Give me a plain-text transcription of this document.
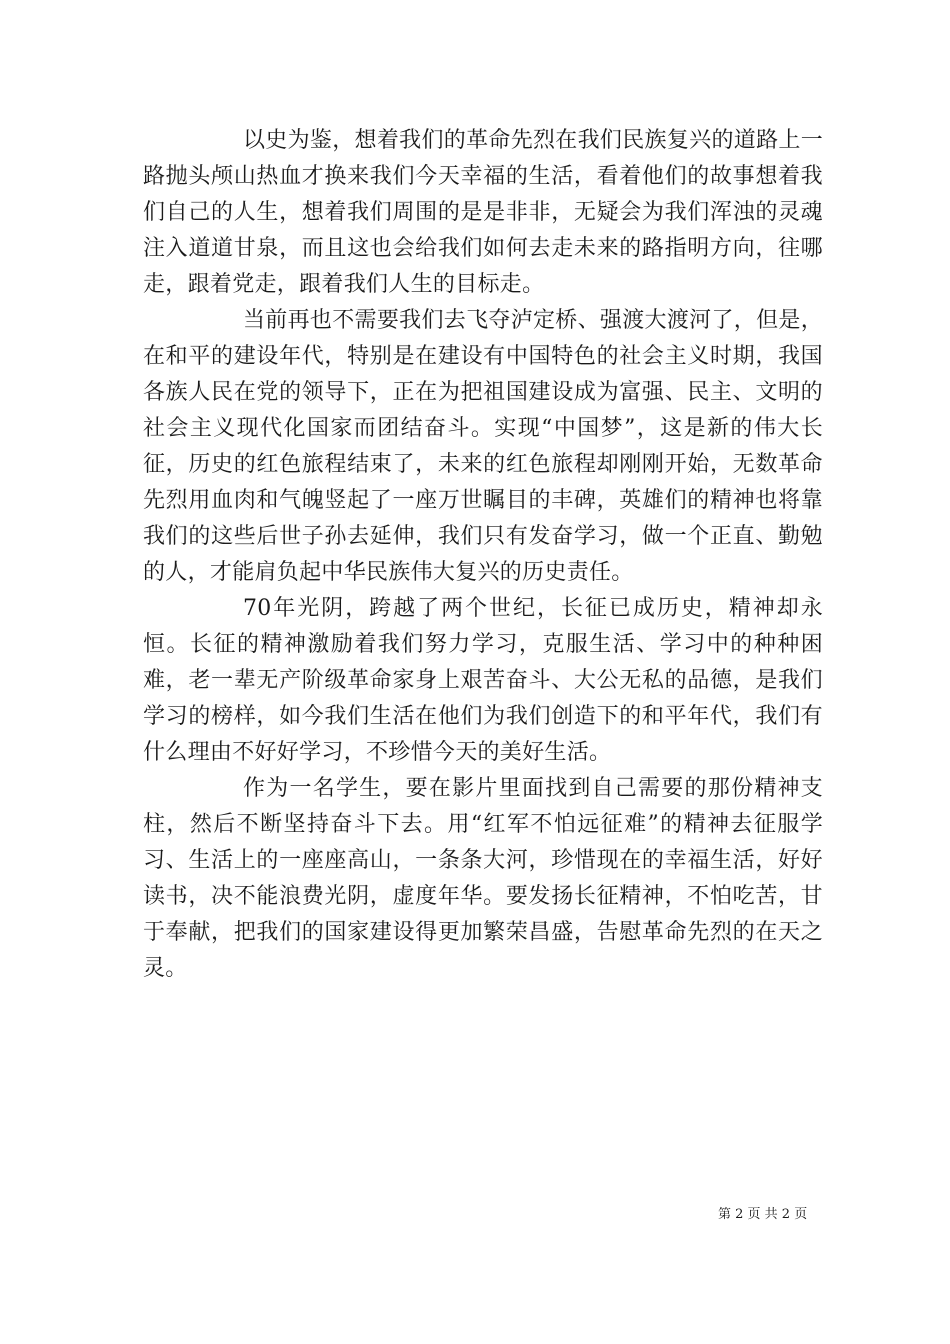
以史为鉴，想着我们的革命先烈在我们民族复兴的道路上一路抛头颅山热血才换来我们今天幸福的生活，看着他们的故事想着我们自己的人生，想着我们周围的是是非非，无疑会为我们浑浊的灵魂注入道道甘泉，而且这也会给我们如何去走未来的路指明方向，往哪走，跟着党走，跟着我们人生的目标走。

当前再也不需要我们去飞夺泸定桥、强渡大渡河了，但是，在和平的建设年代，特别是在建设有中国特色的社会主义时期，我国各族人民在党的领导下，正在为把祖国建设成为富强、民主、文明的社会主义现代化国家而团结奋斗。实现“中国梦”，这是新的伟大长征，历史的红色旅程结束了，未来的红色旅程却刚刚开始，无数革命先烈用血肉和气魄竖起了一座万世瞩目的丰碑，英雄们的精神也将靠我们的这些后世子孙去延伸，我们只有发奋学习，做一个正直、勤勉的人，才能肩负起中华民族伟大复兴的历史责任。

70年光阴，跨越了两个世纪，长征已成历史，精神却永恒。长征的精神激励着我们努力学习，克服生活、学习中的种种困难，老一辈无产阶级革命家身上艰苦奋斗、大公无私的品德，是我们学习的榜样，如今我们生活在他们为我们创造下的和平年代，我们有什么理由不好好学习，不珍惜今天的美好生活。

作为一名学生，要在影片里面找到自己需要的那份精神支柱，然后不断坚持奋斗下去。用“红军不怕远征难”的精神去征服学习、生活上的一座座高山，一条条大河，珍惜现在的幸福生活，好好读书，决不能浪费光阴，虚度年华。要发扬长征精神，不怕吃苦，甘于奉献，把我们的国家建设得更加繁荣昌盛，告慰革命先烈的在天之灵。

第 2 页 共 2 页
